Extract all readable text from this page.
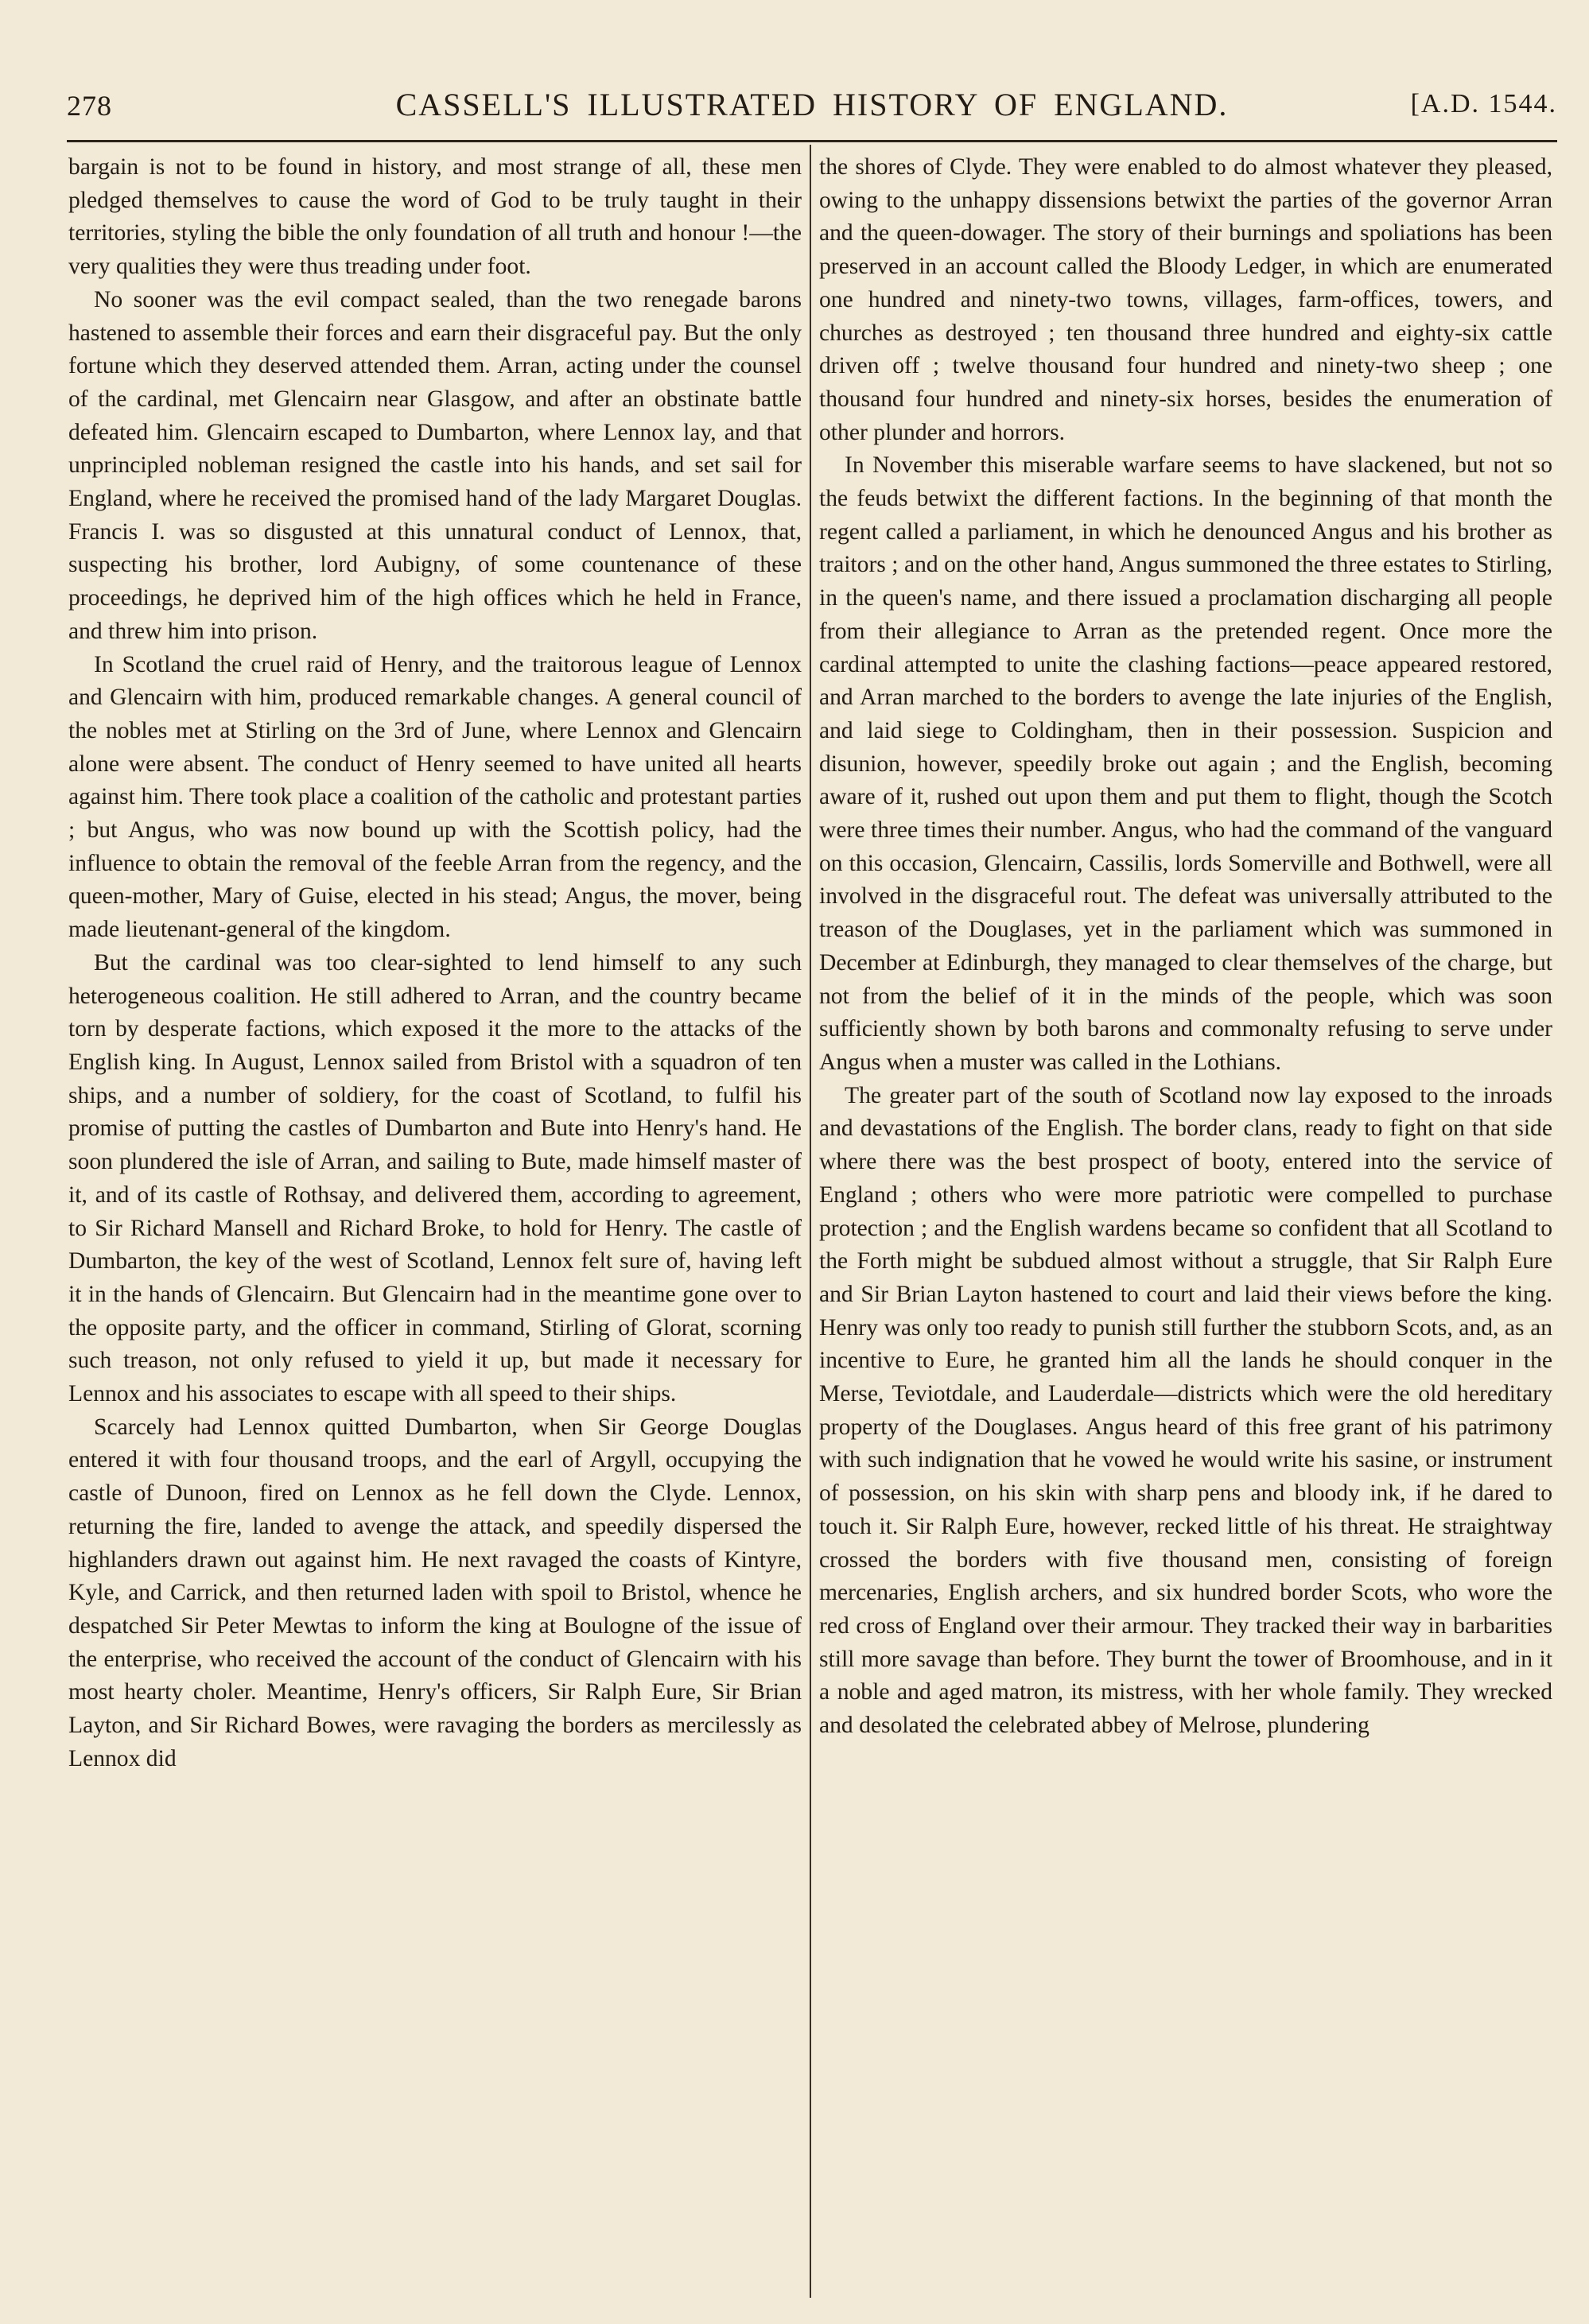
278	CASSELL'S ILLUSTRATED HISTORY OF ENGLAND.	[A.D. 1544.

bargain is not to be found in history, and most strange of all, these men pledged themselves to cause the word of God to be truly taught in their territories, styling the bible the only foundation of all truth and honour !—the very qualities they were thus treading under foot.

No sooner was the evil compact sealed, than the two renegade barons hastened to assemble their forces and earn their disgraceful pay. But the only fortune which they deserved attended them. Arran, acting under the counsel of the cardinal, met Glencairn near Glasgow, and after an obstinate battle defeated him. Glencairn escaped to Dumbarton, where Lennox lay, and that unprincipled nobleman resigned the castle into his hands, and set sail for England, where he received the promised hand of the lady Margaret Douglas. Francis I. was so disgusted at this unnatural conduct of Lennox, that, suspecting his brother, lord Aubigny, of some countenance of these proceedings, he deprived him of the high offices which he held in France, and threw him into prison.

In Scotland the cruel raid of Henry, and the traitorous league of Lennox and Glencairn with him, produced remarkable changes. A general council of the nobles met at Stirling on the 3rd of June, where Lennox and Glencairn alone were absent. The conduct of Henry seemed to have united all hearts against him. There took place a coalition of the catholic and protestant parties ; but Angus, who was now bound up with the Scottish policy, had the influence to obtain the removal of the feeble Arran from the regency, and the queen-mother, Mary of Guise, elected in his stead; Angus, the mover, being made lieutenant-general of the kingdom.

But the cardinal was too clear-sighted to lend himself to any such heterogeneous coalition. He still adhered to Arran, and the country became torn by desperate factions, which exposed it the more to the attacks of the English king. In August, Lennox sailed from Bristol with a squadron of ten ships, and a number of soldiery, for the coast of Scotland, to fulfil his promise of putting the castles of Dumbarton and Bute into Henry's hand. He soon plundered the isle of Arran, and sailing to Bute, made himself master of it, and of its castle of Rothsay, and delivered them, according to agreement, to Sir Richard Mansell and Richard Broke, to hold for Henry. The castle of Dumbarton, the key of the west of Scotland, Lennox felt sure of, having left it in the hands of Glencairn. But Glencairn had in the meantime gone over to the opposite party, and the officer in command, Stirling of Glorat, scorning such treason, not only refused to yield it up, but made it necessary for Lennox and his associates to escape with all speed to their ships.

Scarcely had Lennox quitted Dumbarton, when Sir George Douglas entered it with four thousand troops, and the earl of Argyll, occupying the castle of Dunoon, fired on Lennox as he fell down the Clyde. Lennox, returning the fire, landed to avenge the attack, and speedily dispersed the highlanders drawn out against him. He next ravaged the coasts of Kintyre, Kyle, and Carrick, and then returned laden with spoil to Bristol, whence he despatched Sir Peter Mewtas to inform the king at Boulogne of the issue of the enterprise, who received the account of the conduct of Glencairn with his most hearty choler. Meantime, Henry's officers, Sir Ralph Eure, Sir Brian Layton, and Sir Richard Bowes, were ravaging the borders as mercilessly as Lennox did

the shores of Clyde. They were enabled to do almost whatever they pleased, owing to the unhappy dissensions betwixt the parties of the governor Arran and the queen-dowager. The story of their burnings and spoliations has been preserved in an account called the Bloody Ledger, in which are enumerated one hundred and ninety-two towns, villages, farm-offices, towers, and churches as destroyed ; ten thousand three hundred and eighty-six cattle driven off ; twelve thousand four hundred and ninety-two sheep ; one thousand four hundred and ninety-six horses, besides the enumeration of other plunder and horrors.

In November this miserable warfare seems to have slackened, but not so the feuds betwixt the different factions. In the beginning of that month the regent called a parliament, in which he denounced Angus and his brother as traitors ; and on the other hand, Angus summoned the three estates to Stirling, in the queen's name, and there issued a proclamation discharging all people from their allegiance to Arran as the pretended regent. Once more the cardinal attempted to unite the clashing factions—peace appeared restored, and Arran marched to the borders to avenge the late injuries of the English, and laid siege to Coldingham, then in their possession. Suspicion and disunion, however, speedily broke out again ; and the English, becoming aware of it, rushed out upon them and put them to flight, though the Scotch were three times their number. Angus, who had the command of the vanguard on this occasion, Glencairn, Cassilis, lords Somerville and Bothwell, were all involved in the disgraceful rout. The defeat was universally attributed to the treason of the Douglases, yet in the parliament which was summoned in December at Edinburgh, they managed to clear themselves of the charge, but not from the belief of it in the minds of the people, which was soon sufficiently shown by both barons and commonalty refusing to serve under Angus when a muster was called in the Lothians.

The greater part of the south of Scotland now lay exposed to the inroads and devastations of the English. The border clans, ready to fight on that side where there was the best prospect of booty, entered into the service of England ; others who were more patriotic were compelled to purchase protection ; and the English wardens became so confident that all Scotland to the Forth might be subdued almost without a struggle, that Sir Ralph Eure and Sir Brian Layton hastened to court and laid their views before the king. Henry was only too ready to punish still further the stubborn Scots, and, as an incentive to Eure, he granted him all the lands he should conquer in the Merse, Teviotdale, and Lauderdale—districts which were the old hereditary property of the Douglases. Angus heard of this free grant of his patrimony with such indignation that he vowed he would write his sasine, or instrument of possession, on his skin with sharp pens and bloody ink, if he dared to touch it. Sir Ralph Eure, however, recked little of his threat. He straightway crossed the borders with five thousand men, consisting of foreign mercenaries, English archers, and six hundred border Scots, who wore the red cross of England over their armour. They tracked their way in barbarities still more savage than before. They burnt the tower of Broomhouse, and in it a noble and aged matron, its mistress, with her whole family. They wrecked and desolated the celebrated abbey of Melrose, plundering
